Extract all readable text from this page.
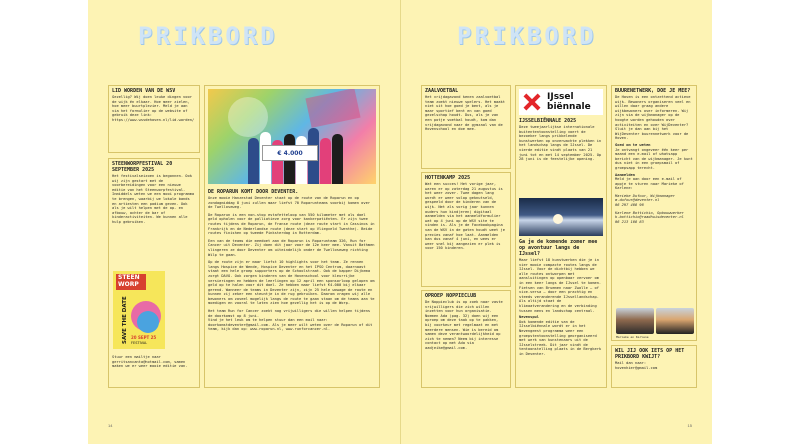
PRIKBORD
LID WORDEN VAN DE WSV
Gezellig? Wij doen leuke dingen voor de wijk én elkaar. Hoe meer zielen, hoe meer buurtplezier. Meld je aan via het formulier op de website of gebruik deze link: https://www.wsvdehoven.nl/lid-worden/
STEENWORPFESTIVAL 20 SEPTEMBER 2025
Het festivalseizoen is begonnen. Ook wij zijn gestart met de voorbereidingen voor een nieuwe editie van het Steenworpfestival. Inmiddels weten we een mooi programma te brengen, waarbij we lokale bands en artiesten een podium geven. Ook als je wilt helpen met de op- en afbouw, achter de bar of kinderactiviteiten. We kunnen alle hulp gebruiken.
STEEN
WORP
SAVE THE DATE 20 SEPT 25
FESTIVAL
Stuur een mailtje naar gerritsancanta@hotmail.com, samen maken we er weer mooie editie van.
€ 4.000
DE ROPARUN KOMT DOOR DEVENTER.
Onze mooie Hanzestad Deventer staat op de route van de Roparun en op zondagmiddag 8 juni zullen maar liefst 70 Roparunteams voorbij komen over de Twelloseweg.
De Roparun is een non-stop estafetteloop van 550 kilometer met als doel geld ophalen voor de palliatieve zorg voor kankerpatiënten. Er zijn twee routes tijdens de Roparun, de Franse route (deze route start in Cassinos in Frankrijk en de Nederlandse route (deze start op Vliegveld Twenthe). Beide routes finishen op tweede Pinksterdag in Rotterdam.
Een van de teams die meedoet aan de Roparun is Roparunteam 326, Run for Cancer uit Deventer. Zij doen dit jaar voor de 12e keer mee. Vanuit Bathmen slingeren ze door Deventer om uiteindelijk onder de Twelloseweg richting Wilp te gaan.
Op de route zijn er maar liefst 10 highlights voor het team. Ze rennen langs Hospice de Wende, Hospice Deventer en het IPSO Centrum, daarnaast staat een hele groep supporters op de Schoolstraat. Ook de kapper Dijkema zorgt DAVO. Ook zorgen kinderen van de Hovenschool voor kleurrijke versieringen en hebben de leerlingen op 12 april een sponsorloop gelopen om geld op te halen voor dit doel. Ze hebben maar liefst €4.000 bij elkaar gerend. Wanneer de teams in Deventer zijn, zijn 25 hele wowage de route en kunnen zij zeker een steuntje in de rug gebruiken. Daarom vragen wij alle bewoners om zoveel mogelijk langs de route te gaan staan om de teams aan te moedigen en vooral te laten zien hoe gezellig het is op de Worp.
Het team Run for Cancer zoekt nog vrijwilligers die willen helpen tijdens de doorkomst op 8 juni.
Vind je het leuk om te helpen stuur dan een mail naar: doorkomstdeventer@gmail.com. Als je meer wilt weten over de Roparun of dit team, kijk dan op: www.roparun.nl, www.runforcancer.nl.
14
PRIKBORD
ZAALVOETBAL
Het vrijdagavond kenen zaalvoetbal team zoekt nieuwe spelers. Het maakt niet uit hoe goed je bent, als je maar sportief bent en van goed gezelschap houdt. Dus, als je van een potje voetbal houdt, kom dan vrijdagavond naar de gymzaal van de Hovenschool en doe mee.
HOTTENKAMP 2025
Wat een succes! Het vorige jaar, waren er op zaterdag 21 augustus is het weer zover. Twee dagen lang wordt er weer volop geknutseld, gespeeld door de kinderen van de wijk. Net als vorig jaar kunnen ouders hun kind(eren) digitaal aanmelden via het aanmeldformulier wat op 4 juni op de WSV site te vinden is. Als je de Facebookpagina van de WSV in de gaten houdt weet je precies vanaf hoe laat. Aanmelden kan dus vanaf 4 juni, en wees er weer snel bij aangezien er plek is voor 150 kinderen.
OPROEP NOPPIECLUB
De Noppieclub is op zoek naar vaste vrijwilligers die zich willen inzetten voor hun organisatie. Noemen Ada (pag. 32) doen wij een oproep om deze taak op te pakken, bij voorkeur met regelmaat en met meerdere mensen. Wie is bereid om samen deze verantwoordelijkheid op zich te nemen? Neem bij interesse contact op met Ada via aadjeike@gmail.com.
IJssel
biënnale
IJSSELBIËNNALE 2025
Deze tweejaarlijkse internationale buitententoonstelling voert de bezoeker langs prikkelende kunstwerken op onverwachte plekken in het landschap langs de IJssel. De vierde editie vindt plaats van 21 juni tot en met 14 september 2025. Op 28 juni is de feestelijke opening.
Ga je de komende zomer mee op avontuur langs de IJssel?
Maar liefst 18 kunstwerken die je in vier mooie compacte routes langs de IJssel. Voor de dichtbij hebben we alle routes ontworpen met aansluitingen op openbaar vervoer om in een keer langs de IJssel te komen. Fietsen van Bruemen naar Zwolle – of vice-versa – door een prachtig en steeds veranderende IJssellandschap. Als altijd staat de klimaatverandering en de verbinding tussen mens en landschap centraal.
Nevenspul
Ook komende editie van de IJsselbiënnale wordt er in het Nevengeest programma weer een groepstentoonstelling georganiseerd met werk van kunstenaars uit de IJsselstreek. Dit jaar vindt de tentoonstelling plaats in de Bergkerk in Deventer.
BUURENETWERK, DOE JE MEE?
De Hoven is een ontzettend actieve wijk. Bewoners organiseren veel en willen daar graag andere wijkbewoners over informeren. Wij zijn via de wijkmanager op de hoogte worden gehouden over activiteiten en over WijDeventer? Sluit je dan aan bij het WijDeventer buurennetwerk voor de Hoven.
Goed om te weten
Je ontvangt ongeveer één keer per maand een e-mail of whatsapp bericht van de wijkmanager. Je kunt dus niet in een groepsmail of groepsapp terecht.
Aanmelden
Meld je aan door een e-mail of appje te sturen naar Marieke of Karlene:
Marieke Dufour, Wijkmanager
m.dufour@deventer.nl
06 297 468 96
Karlene Bottichio, Opbouwwerker
k.bottichio@raadhuisdeventer.nl
06 213 168 83
Marieke en Karlene
WIL JIJ OOK IETS OP HET PRIKBORD KWIJT?
Mail dan naar:
hovenhier@gmail.com
15
